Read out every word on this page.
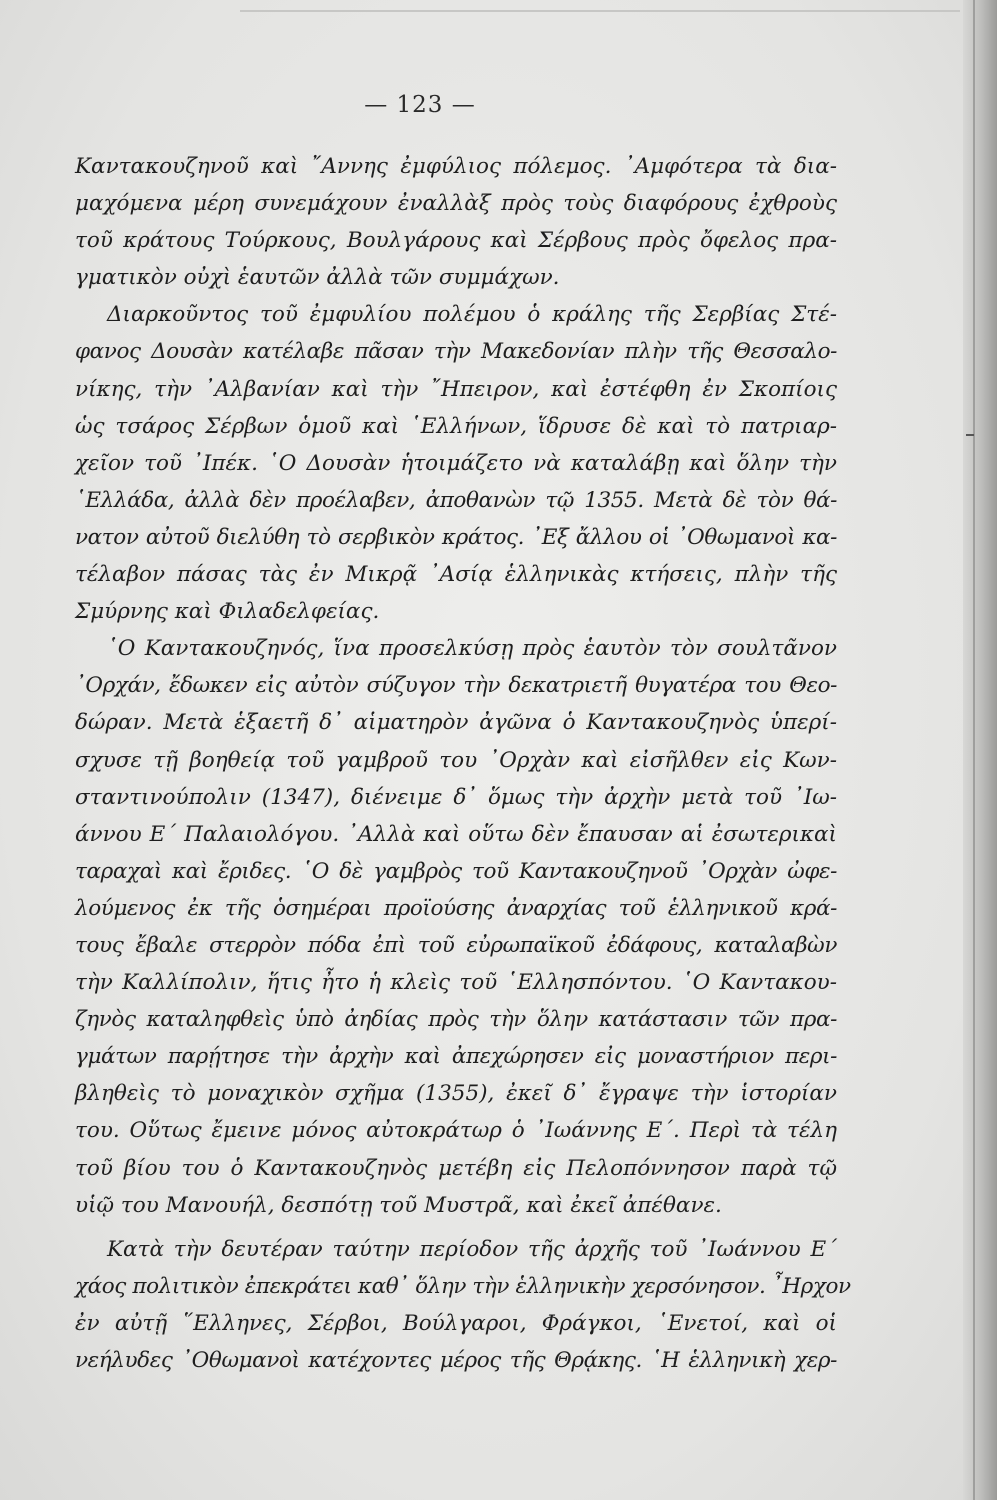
— 123 —
Καντακουζηνοῦ καὶ ῎Αννης ἐμφύλιος πόλεμος. ᾿Αμφότερα τὰ δια-
μαχόμενα μέρη συνεμάχουν ἐναλλὰξ πρὸς τοὺς διαφόρους ἐχθροὺς
τοῦ κράτους Τούρκους, Βουλγάρους καὶ Σέρβους πρὸς ὄφελος πρα-
γματικὸν οὐχὶ ἑαυτῶν ἀλλὰ τῶν συμμάχων.
Διαρκοῦντος τοῦ ἐμφυλίου πολέμου ὁ κράλης τῆς Σερβίας Στέ-
φανος Δουσὰν κατέλαβε πᾶσαν τὴν Μακεδονίαν πλὴν τῆς Θεσσαλο-
νίκης, τὴν ᾿Αλβανίαν καὶ τὴν ῎Ηπειρον, καὶ ἐστέφθη ἐν Σκοπίοις
ὡς τσάρος Σέρβων ὁμοῦ καὶ ῾Ελλήνων, ἵδρυσε δὲ καὶ τὸ πατριαρ-
χεῖον τοῦ ᾿Ιπέκ. ῾Ο Δουσὰν ἡτοιμάζετο νὰ καταλάβῃ καὶ ὅλην τὴν
῾Ελλάδα, ἀλλὰ δὲν προέλαβεν, ἀποθανὼν τῷ 1355. Μετὰ δὲ τὸν θά-
νατον αὐτοῦ διελύθη τὸ σερβικὸν κράτος. ᾿Εξ ἄλλου οἱ ᾿Οθωμανοὶ κα-
τέλαβον πάσας τὰς ἐν Μικρᾷ ᾿Ασίᾳ ἑλληνικὰς κτήσεις, πλὴν τῆς
Σμύρνης καὶ Φιλαδελφείας.
῾Ο Καντακουζηνός, ἵνα προσελκύσῃ πρὸς ἑαυτὸν τὸν σουλτᾶνον
᾿Ορχάν, ἔδωκεν εἰς αὐτὸν σύζυγον τὴν δεκατριετῆ θυγατέρα του Θεο-
δώραν. Μετὰ ἑξαετῆ δ᾿ αἱματηρὸν ἀγῶνα ὁ Καντακουζηνὸς ὑπερί-
σχυσε τῇ βοηθείᾳ τοῦ γαμβροῦ του ᾿Ορχὰν καὶ εἰσῆλθεν εἰς Κων-
σταντινούπολιν (1347), διένειμε δ᾿ ὅμως τὴν ἀρχὴν μετὰ τοῦ ᾿Ιω-
άννου Ε΄ Παλαιολόγου. ᾿Αλλὰ καὶ οὕτω δὲν ἔπαυσαν αἱ ἐσωτερικαὶ
ταραχαὶ καὶ ἔριδες. ῾Ο δὲ γαμβρὸς τοῦ Καντακουζηνοῦ ᾿Ορχὰν ὠφε-
λούμενος ἐκ τῆς ὁσημέραι προϊούσης ἀναρχίας τοῦ ἑλληνικοῦ κρά-
τους ἔβαλε στερρὸν πόδα ἐπὶ τοῦ εὐρωπαϊκοῦ ἐδάφους, καταλαβὼν
τὴν Καλλίπολιν, ἥτις ἦτο ἡ κλεὶς τοῦ ῾Ελλησπόντου. ῾Ο Καντακου-
ζηνὸς καταληφθεὶς ὑπὸ ἀηδίας πρὸς τὴν ὅλην κατάστασιν τῶν πρα-
γμάτων παρῄτησε τὴν ἀρχὴν καὶ ἀπεχώρησεν εἰς μοναστήριον περι-
βληθεὶς τὸ μοναχικὸν σχῆμα (1355), ἐκεῖ δ᾿ ἔγραψε τὴν ἱστορίαν
του. Οὕτως ἔμεινε μόνος αὐτοκράτωρ ὁ ᾿Ιωάννης Ε΄. Περὶ τὰ τέλη
τοῦ βίου του ὁ Καντακουζηνὸς μετέβη εἰς Πελοπόννησον παρὰ τῷ
υἱῷ του Μανουήλ, δεσπότῃ τοῦ Μυστρᾶ, καὶ ἐκεῖ ἀπέθανε.
Κατὰ τὴν δευτέραν ταύτην περίοδον τῆς ἀρχῆς τοῦ ᾿Ιωάννου Ε΄
χάος πολιτικὸν ἐπεκράτει καθ᾿ ὅλην τὴν ἑλληνικὴν χερσόνησον. ῏Ηρχον
ἐν αὐτῇ ῞Ελληνες, Σέρβοι, Βούλγαροι, Φράγκοι, ῾Ενετοί, καὶ οἱ
νεήλυδες ᾿Οθωμανοὶ κατέχοντες μέρος τῆς Θρᾴκης. ῾Η ἑλληνικὴ χερ-
